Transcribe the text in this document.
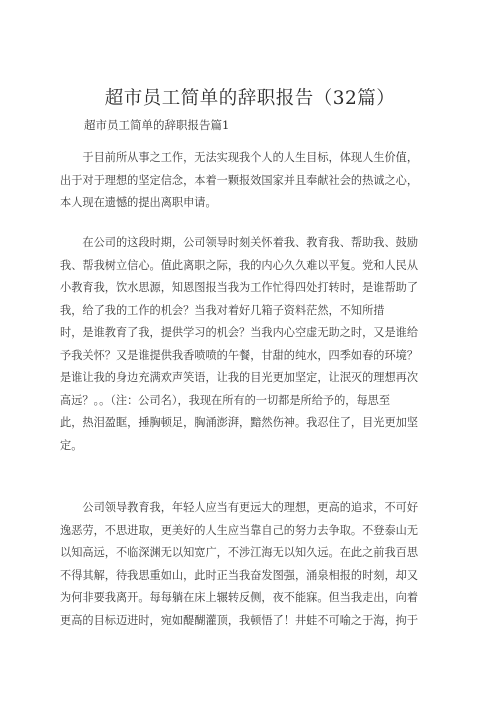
超市员工简单的辞职报告（32篇）
超市员工简单的辞职报告篇1
　　于目前所从事之工作，无法实现我个人的人生目标，体现人生价值，
出于对于理想的坚定信念，本着一颗报效国家并且奉献社会的热诚之心，
本人现在遗憾的提出离职申请。
　　在公司的这段时期，公司领导时刻关怀着我、教育我、帮助我、鼓励
我、帮我树立信心。值此离职之际，我的内心久久难以平复。党和人民从
小教育我，饮水思源，知恩图报当我为工作忙得四处打转时，是谁帮助了
我，给了我的工作的机会？当我对着好几箱子资料茫然，不知所措
时，是谁教育了我，提供学习的机会？当我内心空虚无助之时，又是谁给
予我关怀？又是谁提供我香喷喷的午餐，甘甜的纯水，四季如春的环境？
是谁让我的身边充满欢声笑语，让我的目光更加坚定，让泯灭的理想再次
高远？。。（注：公司名），我现在所有的一切都是所给予的，每思至
此，热泪盈眶，捶胸顿足，胸涌澎湃，黯然伤神。我忍住了，目光更加坚
定。
　　公司领导教育我，年轻人应当有更远大的理想，更高的追求，不可好
逸恶劳，不思进取，更美好的人生应当靠自己的努力去争取。不登泰山无
以知高远，不临深渊无以知宽广，不涉江海无以知久远。在此之前我百思
不得其解，待我思重如山，此时正当我奋发图强，涌泉相报的时刻，却又
为何非要我离开。每每躺在床上辗转反侧，夜不能寐。但当我走出，向着
更高的目标迈进时，宛如醍醐灌顶，我顿悟了！井蛙不可喻之于海，拘于
